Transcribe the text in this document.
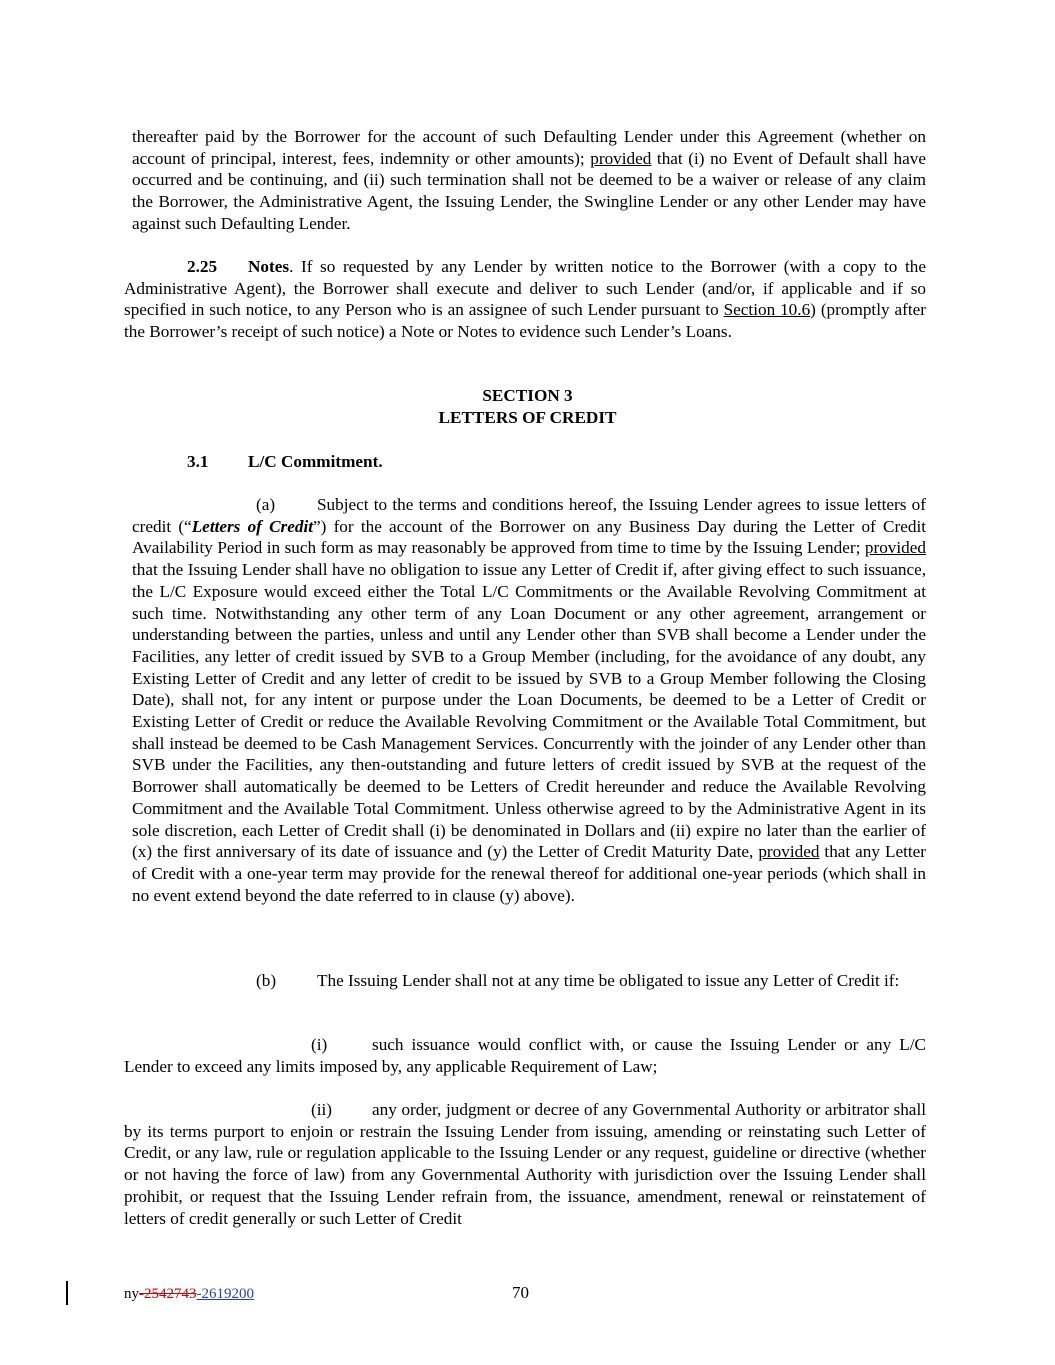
thereafter paid by the Borrower for the account of such Defaulting Lender under this Agreement (whether on account of principal, interest, fees, indemnity or other amounts); provided that (i) no Event of Default shall have occurred and be continuing, and (ii) such termination shall not be deemed to be a waiver or release of any claim the Borrower, the Administrative Agent, the Issuing Lender, the Swingline Lender or any other Lender may have against such Defaulting Lender.

2.25 Notes. If so requested by any Lender by written notice to the Borrower (with a copy to the Administrative Agent), the Borrower shall execute and deliver to such Lender (and/or, if applicable and if so specified in such notice, to any Person who is an assignee of such Lender pursuant to Section 10.6) (promptly after the Borrower’s receipt of such notice) a Note or Notes to evidence such Lender’s Loans.

SECTION 3
LETTERS OF CREDIT

3.1 L/C Commitment.

(a) Subject to the terms and conditions hereof, the Issuing Lender agrees to issue letters of credit (“Letters of Credit”) for the account of the Borrower on any Business Day during the Letter of Credit Availability Period in such form as may reasonably be approved from time to time by the Issuing Lender; provided that the Issuing Lender shall have no obligation to issue any Letter of Credit if, after giving effect to such issuance, the L/C Exposure would exceed either the Total L/C Commitments or the Available Revolving Commitment at such time. Notwithstanding any other term of any Loan Document or any other agreement, arrangement or understanding between the parties, unless and until any Lender other than SVB shall become a Lender under the Facilities, any letter of credit issued by SVB to a Group Member (including, for the avoidance of any doubt, any Existing Letter of Credit and any letter of credit to be issued by SVB to a Group Member following the Closing Date), shall not, for any intent or purpose under the Loan Documents, be deemed to be a Letter of Credit or Existing Letter of Credit or reduce the Available Revolving Commitment or the Available Total Commitment, but shall instead be deemed to be Cash Management Services. Concurrently with the joinder of any Lender other than SVB under the Facilities, any then-outstanding and future letters of credit issued by SVB at the request of the Borrower shall automatically be deemed to be Letters of Credit hereunder and reduce the Available Revolving Commitment and the Available Total Commitment. Unless otherwise agreed to by the Administrative Agent in its sole discretion, each Letter of Credit shall (i) be denominated in Dollars and (ii) expire no later than the earlier of (x) the first anniversary of its date of issuance and (y) the Letter of Credit Maturity Date, provided that any Letter of Credit with a one-year term may provide for the renewal thereof for additional one-year periods (which shall in no event extend beyond the date referred to in clause (y) above).

(b) The Issuing Lender shall not at any time be obligated to issue any Letter of Credit if:

(i)	such issuance would conflict with, or cause the Issuing Lender or any L/C Lender to exceed any limits imposed by, any applicable Requirement of Law;

(ii) any order, judgment or decree of any Governmental Authority or arbitrator shall by its terms purport to enjoin or restrain the Issuing Lender from issuing, amending or reinstating such Letter of Credit, or any law, rule or regulation applicable to the Issuing Lender or any request, guideline or directive (whether or not having the force of law) from any Governmental Authority with jurisdiction over the Issuing Lender shall prohibit, or request that the Issuing Lender refrain from, the issuance, amendment, renewal or reinstatement of letters of credit generally or such Letter of Credit

ny-2542743-2619200	70
